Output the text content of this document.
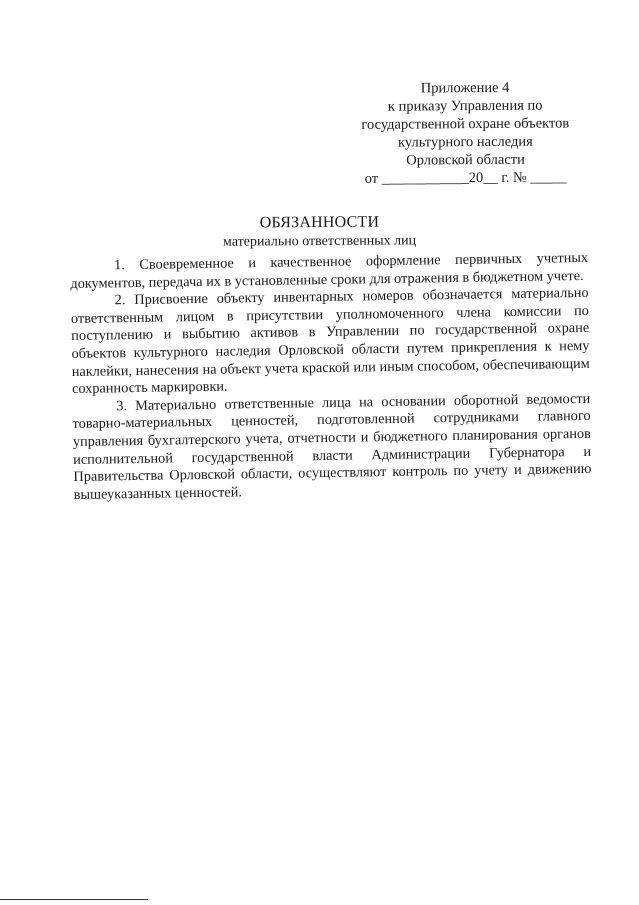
Приложение 4
к приказу Управления по
государственной охране объектов
культурного наследия
Орловской области
от ____________20__ г. № _____
ОБЯЗАННОСТИ
материально ответственных лиц

1. Своевременное и качественное оформление первичных учетных документов, передача их в установленные сроки для отражения в бюджетном учете.

2. Присвоение объекту инвентарных номеров обозначается материально ответственным лицом в присутствии уполномоченного члена комиссии по поступлению и выбытию активов в Управлении по государственной охране объектов культурного наследия Орловской области путем прикрепления к нему наклейки, нанесения на объект учета краской или иным способом, обеспечивающим сохранность маркировки.

3. Материально ответственные лица на основании оборотной ведомости товарно-материальных ценностей, подготовленной сотрудниками главного управления бухгалтерского учета, отчетности и бюджетного планирования органов исполнительной государственной власти Администрации Губернатора и Правительства Орловской области, осуществляют контроль по учету и движению вышеуказанных ценностей.
